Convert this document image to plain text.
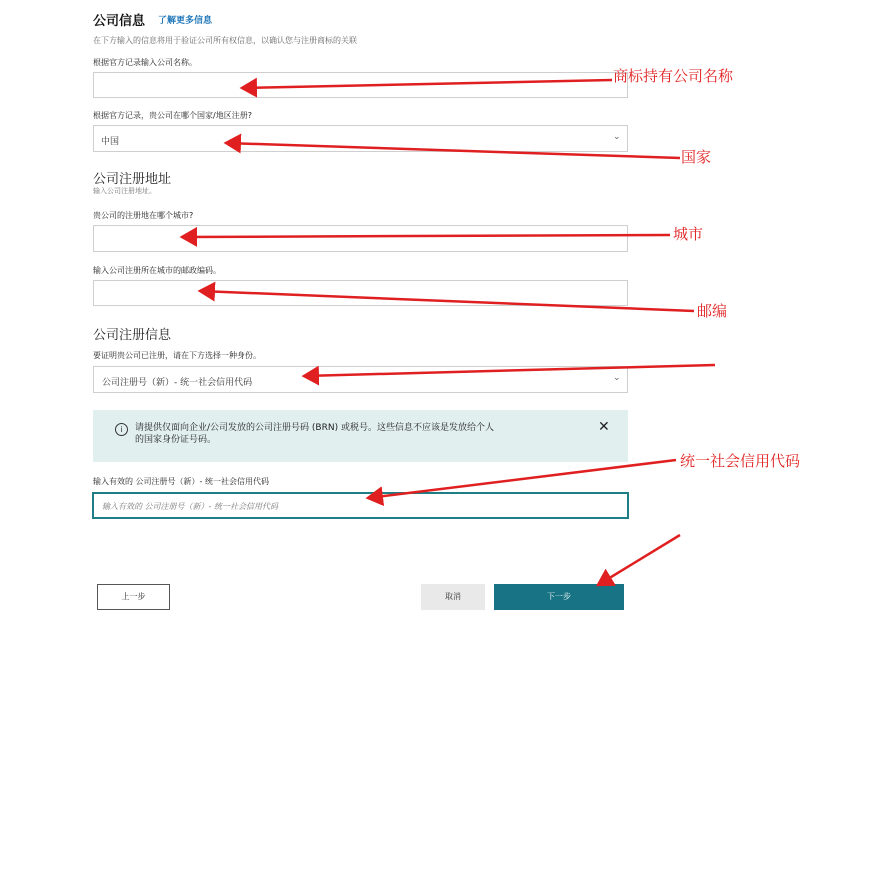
公司信息 了解更多信息
在下方输入的信息将用于验证公司所有权信息，以确认您与注册商标的关联
根据官方记录输入公司名称。
根据官方记录，贵公司在哪个国家/地区注册?
中国	⌄
公司注册地址
输入公司注册地址。
贵公司的注册地在哪个城市?
输入公司注册所在城市的邮政编码。
公司注册信息
要证明贵公司已注册，请在下方选择一种身份。
公司注册号（新）- 统一社会信用代码	⌄
i	请提供仅面向企业/公司发放的公司注册号码 (BRN) 或税号。这些信息不应该是发放给个人
的国家身份证号码。
✕
输入有效的 公司注册号（新）- 统一社会信用代码
输入有效的 公司注册号（新）- 统一社会信用代码
上一步	取消	下一步
商标持有公司名称
国家
城市
邮编
统一社会信用代码
